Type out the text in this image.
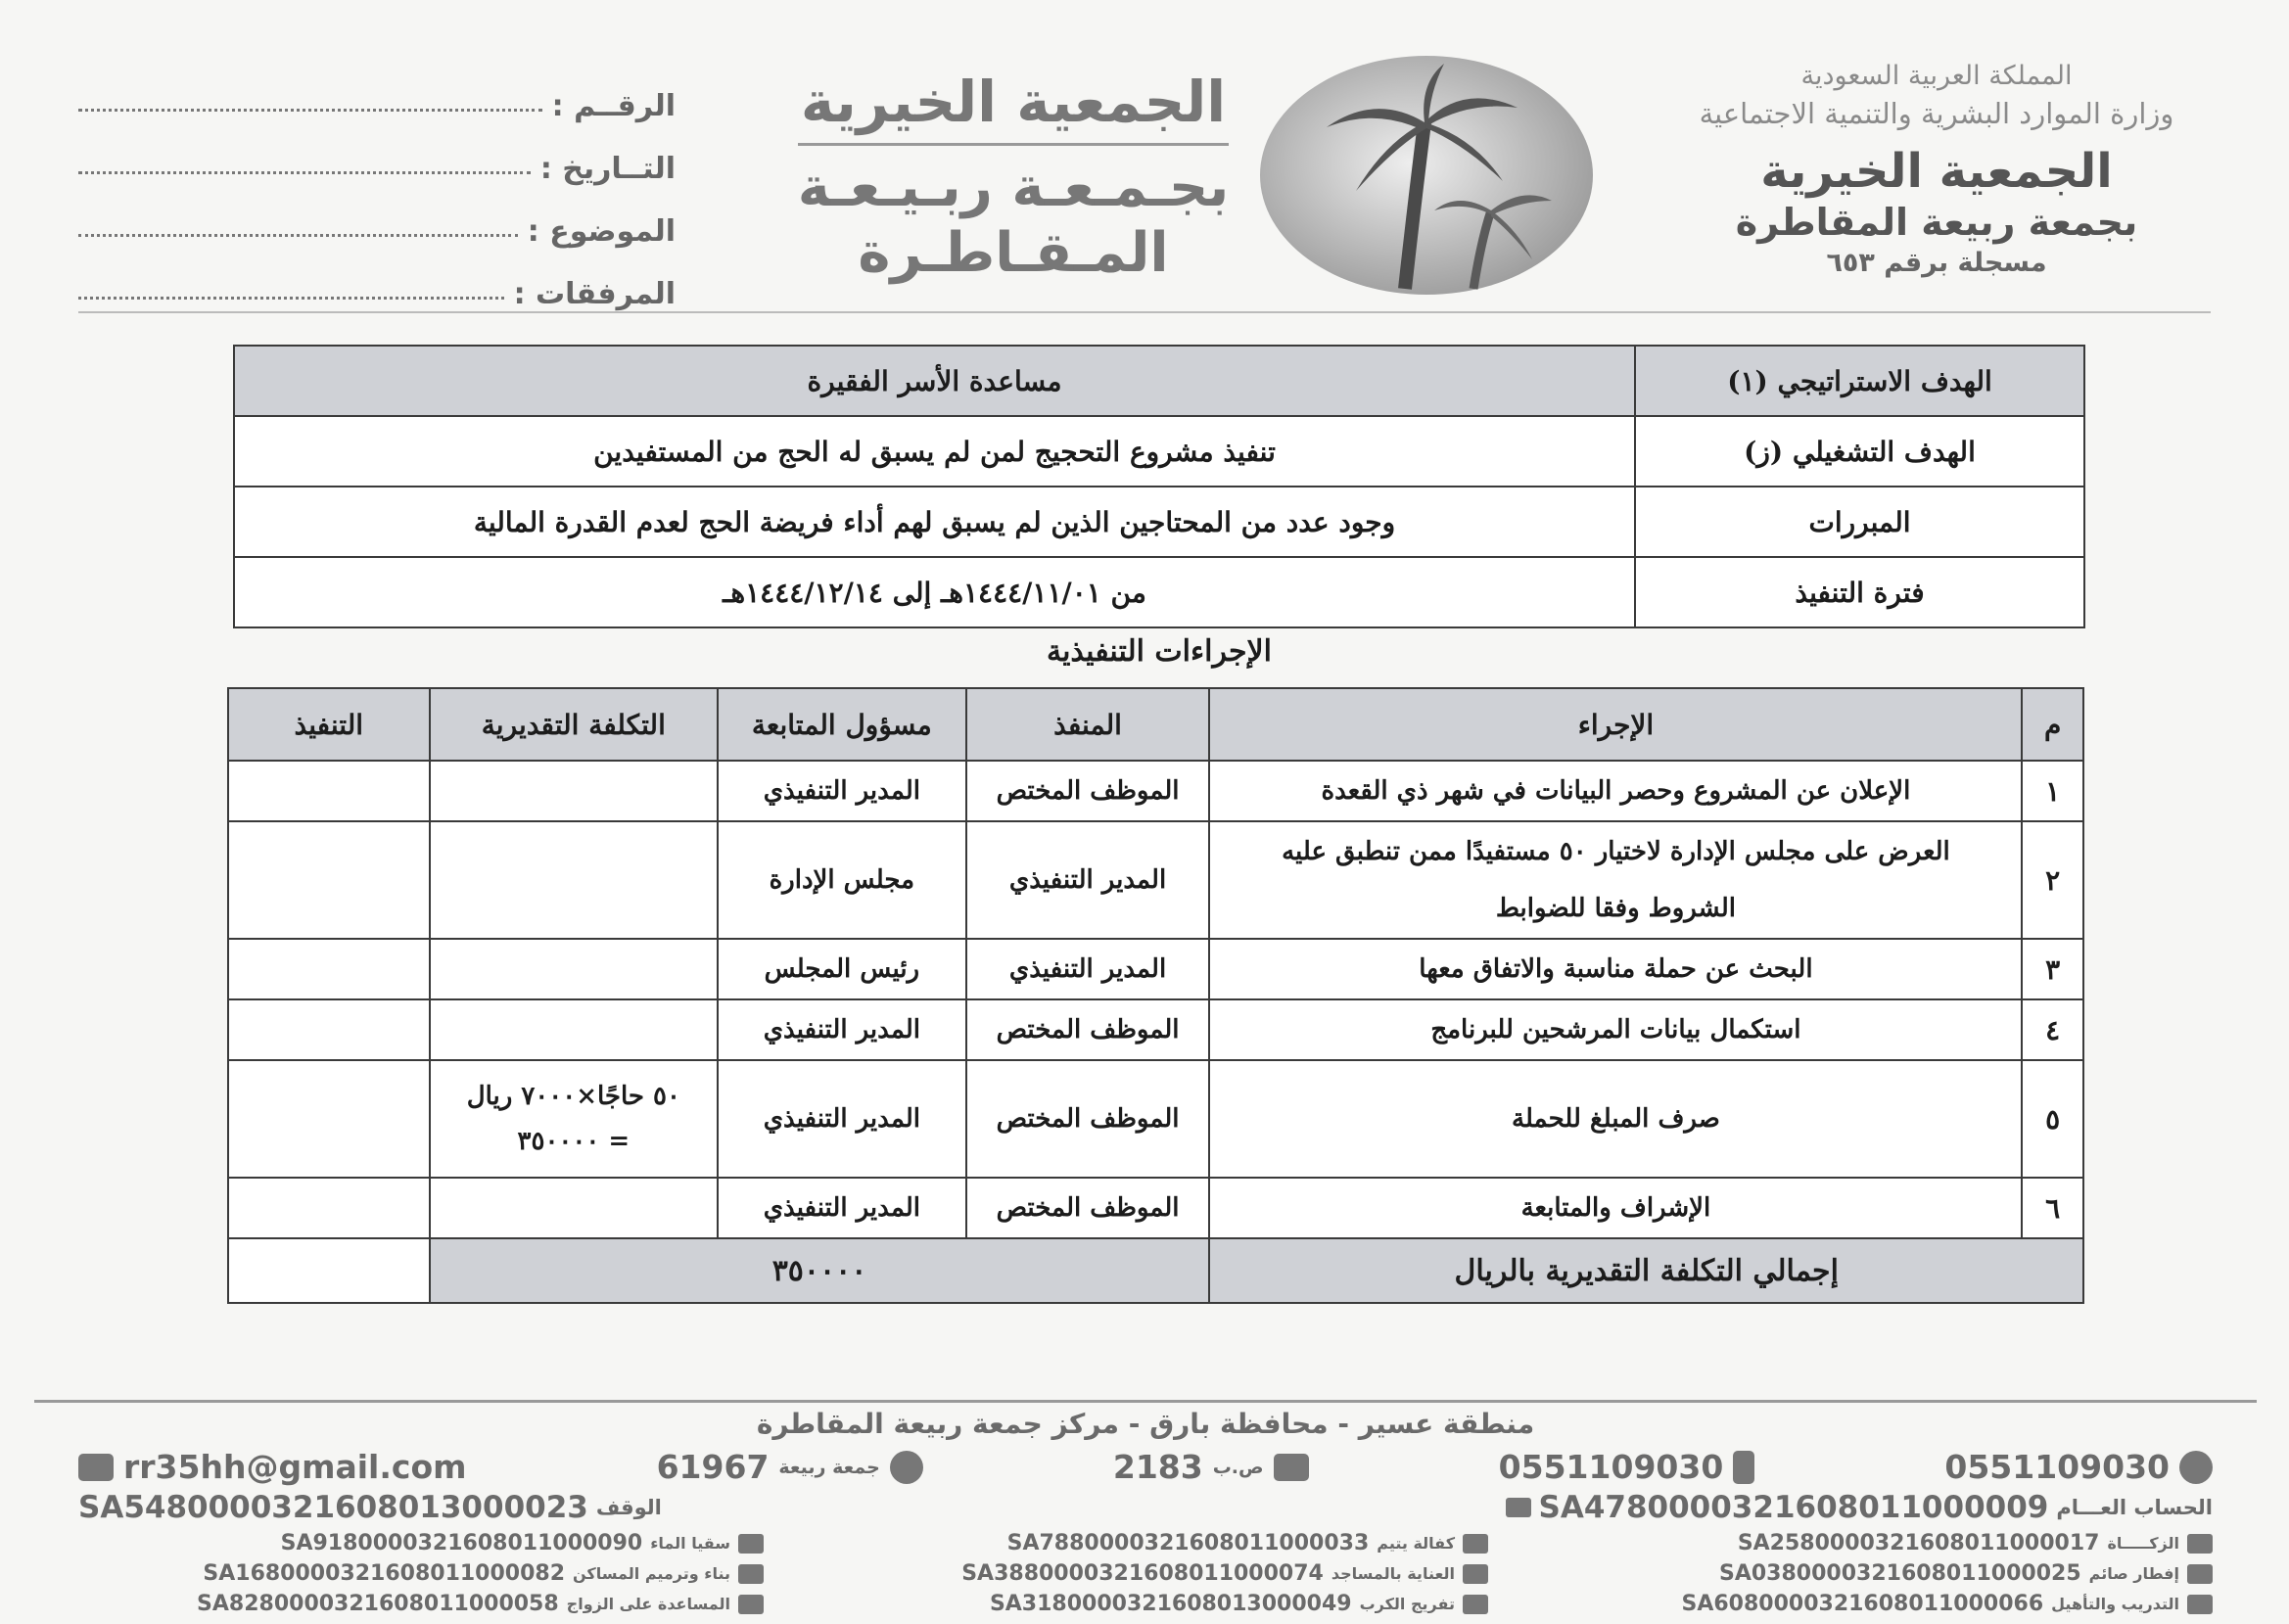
المملكة العربية السعودية
وزارة الموارد البشرية والتنمية الاجتماعية
الجمعية الخيرية
بجمعة ربيعة المقاطرة
مسجلة برقم ٦٥٣
الجمعية الخيرية
بجـمـعـة ربـيـعـة
المـقـاطـرة
الرقــم :
التــاريخ :
الموضوع :
المرفقات :
الهدف الاستراتيجي (١)	مساعدة الأسر الفقيرة
الهدف التشغيلي (ز)	تنفيذ مشروع التحجيج لمن لم يسبق له الحج من المستفيدين
المبررات	وجود عدد من المحتاجين الذين لم يسبق لهم أداء فريضة الحج لعدم القدرة المالية
فترة التنفيذ	من ١٤٤٤/١١/٠١هـ إلى ١٤٤٤/١٢/١٤هـ
الإجراءات التنفيذية
م	الإجراء	المنفذ	مسؤول المتابعة	التكلفة التقديرية	التنفيذ
١	الإعلان عن المشروع وحصر البيانات في شهر ذي القعدة	الموظف المختص	المدير التنفيذي		
٢	العرض على مجلس الإدارة لاختيار ٥٠ مستفيدًا ممن تنطبق عليه الشروط وفقا للضوابط	المدير التنفيذي	مجلس الإدارة		
٣	البحث عن حملة مناسبة والاتفاق معها	المدير التنفيذي	رئيس المجلس		
٤	استكمال بيانات المرشحين للبرنامج	الموظف المختص	المدير التنفيذي		
٥	صرف المبلغ للحملة	الموظف المختص	المدير التنفيذي	٥٠ حاجًا×٧٠٠٠ ريال
= ٣٥٠٠٠٠	

٦	الإشراف والمتابعة	الموظف المختص	المدير التنفيذي		
إجمالي التكلفة التقديرية بالريال		٣٥٠٠٠٠			
منطقة عسير - محافظة بارق - مركز جمعة ربيعة المقاطرة
0551109030
0551109030
ص.ب
2183
جمعة ربيعة
61967
rr35hh@gmail.com
الحساب العـــام
SA4780000321608011000009
الوقف
SA5480000321608013000023
الزكـــــاة
SA2580000321608011000017
كفالة يتيم
SA7880000321608011000033
سقيا الماء
SA9180000321608011000090
إفطار صائم
SA0380000321608011000025
العناية بالمساجد
SA3880000321608011000074
بناء وترميم المساكن
SA1680000321608011000082
التدريب والتأهيل
SA6080000321608011000066
تفريج الكرب
SA3180000321608013000049
المساعدة على الزواج
SA8280000321608011000058
